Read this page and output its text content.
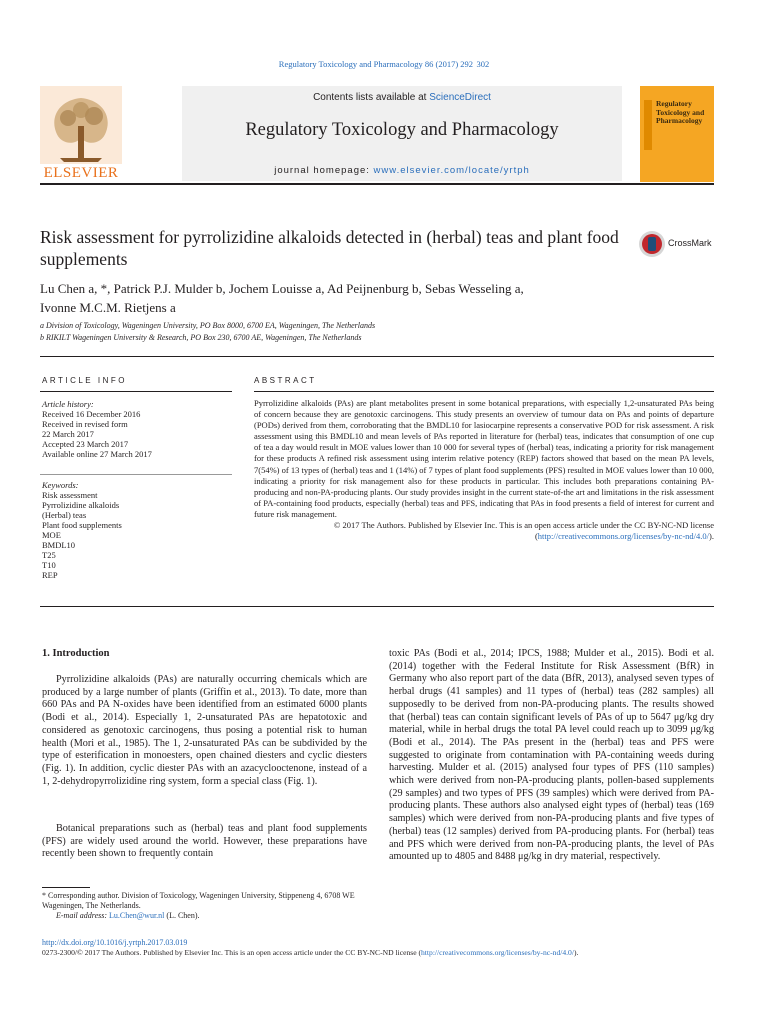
Regulatory Toxicology and Pharmacology 86 (2017) 292  302
Contents lists available at ScienceDirect
Regulatory Toxicology and Pharmacology
journal homepage: www.elsevier.com/locate/yrtph
ELSEVIER
Regulatory Toxicology and Pharmacology
Risk assessment for pyrrolizidine alkaloids detected in (herbal) teas and plant food supplements
CrossMark
Lu Chen a, *, Patrick P.J. Mulder b, Jochem Louisse a, Ad Peijnenburg b, Sebas Wesseling a,
Ivonne M.C.M. Rietjens a
a Division of Toxicology, Wageningen University, PO Box 8000, 6700 EA, Wageningen, The Netherlands
b RIKILT Wageningen University & Research, PO Box 230, 6700 AE, Wageningen, The Netherlands
ARTICLE INFO
Article history:
Received 16 December 2016
Received in revised form
22 March 2017
Accepted 23 March 2017
Available online 27 March 2017
Keywords:
Risk assessment
Pyrrolizidine alkaloids
(Herbal) teas
Plant food supplements
MOE
BMDL10
T25
T10
REP
ABSTRACT
Pyrrolizidine alkaloids (PAs) are plant metabolites present in some botanical preparations, with especially 1,2-unsaturated PAs being of concern because they are genotoxic carcinogens. This study presents an overview of tumour data on PAs and points of departure (PODs) derived from them, corroborating that the BMDL10 for lasiocarpine represents a conservative POD for risk assessment. A risk assessment using this BMDL10 and mean levels of PAs reported in literature for (herbal) teas, indicates that consumption of one cup of tea a day would result in MOE values lower than 10 000 for several types of (herbal) teas, indicating a priority for risk management for these products A refined risk assessment using interim relative potency (REP) factors showed that based on the mean PA levels, 7(54%) of 13 types of (herbal) teas and 1 (14%) of 7 types of plant food supplements (PFS) resulted in MOE values lower than 10 000, indicating a priority for risk management also for these products in particular. This includes both preparations containing PA-producing and non-PA-producing plants. Our study provides insight in the current state-of-the art and limitations in the risk assessment of PA-containing food products, especially (herbal) teas and PFS, indicating that PAs in food presents a field of interest for current and future risk management.
© 2017 The Authors. Published by Elsevier Inc. This is an open access article under the CC BY-NC-ND license (http://creativecommons.org/licenses/by-nc-nd/4.0/).
1. Introduction
Pyrrolizidine alkaloids (PAs) are naturally occurring chemicals which are produced by a large number of plants (Griffin et al., 2013). To date, more than 660 PAs and PA N-oxides have been identified from an estimated 6000 plants (Bodi et al., 2014). Especially 1, 2-unsaturated PAs are hepatotoxic and considered as genotoxic carcinogens, thus posing a potential risk to human health (Mori et al., 1985). The 1, 2-unsaturated PAs can be subdivided by the type of esterification in monoesters, open chained diesters and cyclic diesters (Fig. 1). In addition, cyclic diester PAs with an azacyclooctenone, instead of a 1, 2-dehydropyrrolizidine ring system, form a special class (Fig. 1).
Botanical preparations such as (herbal) teas and plant food supplements (PFS) are widely used around the world. However, these preparations have recently been shown to frequently contain
toxic PAs (Bodi et al., 2014; IPCS, 1988; Mulder et al., 2015). Bodi et al. (2014) together with the Federal Institute for Risk Assessment (BfR) in Germany who also report part of the data (BfR, 2013), analysed seven types of herbal drugs (41 samples) and 11 types of (herbal) teas (282 samples) all supposedly to be derived from non-PA-producing plants. The results showed that (herbal) teas can contain significant levels of PAs of up to 5647 μg/kg dry material, while in herbal drugs the total PA level could reach up to 3099 μg/kg (Bodi et al., 2014). The PAs present in the (herbal) teas and PFS were suggested to originate from contamination with PA-containing weeds during harvesting. Mulder et al. (2015) analysed four types of PFS (110 samples) which were derived from non-PA-producing plants, pollen-based supplements (29 samples) and two types of PFS (39 samples) which were derived from PA-producing plants. These authors also analysed eight types of (herbal) teas (169 samples) which were derived from non-PA-producing plants and five types of (herbal) teas (12 samples) derived from PA-producing plants. For (herbal) teas and PFS which were derived from non-PA-producing plants, the level of PAs amounted up to 4805 and 8488 μg/kg in dry material, respectively.
* Corresponding author. Division of Toxicology, Wageningen University, Stippeneng 4, 6708 WE Wageningen, The Netherlands.
E-mail address: Lu.Chen@wur.nl (L. Chen).
http://dx.doi.org/10.1016/j.yrtph.2017.03.019
0273-2300/© 2017 The Authors. Published by Elsevier Inc. This is an open access article under the CC BY-NC-ND license (http://creativecommons.org/licenses/by-nc-nd/4.0/).
